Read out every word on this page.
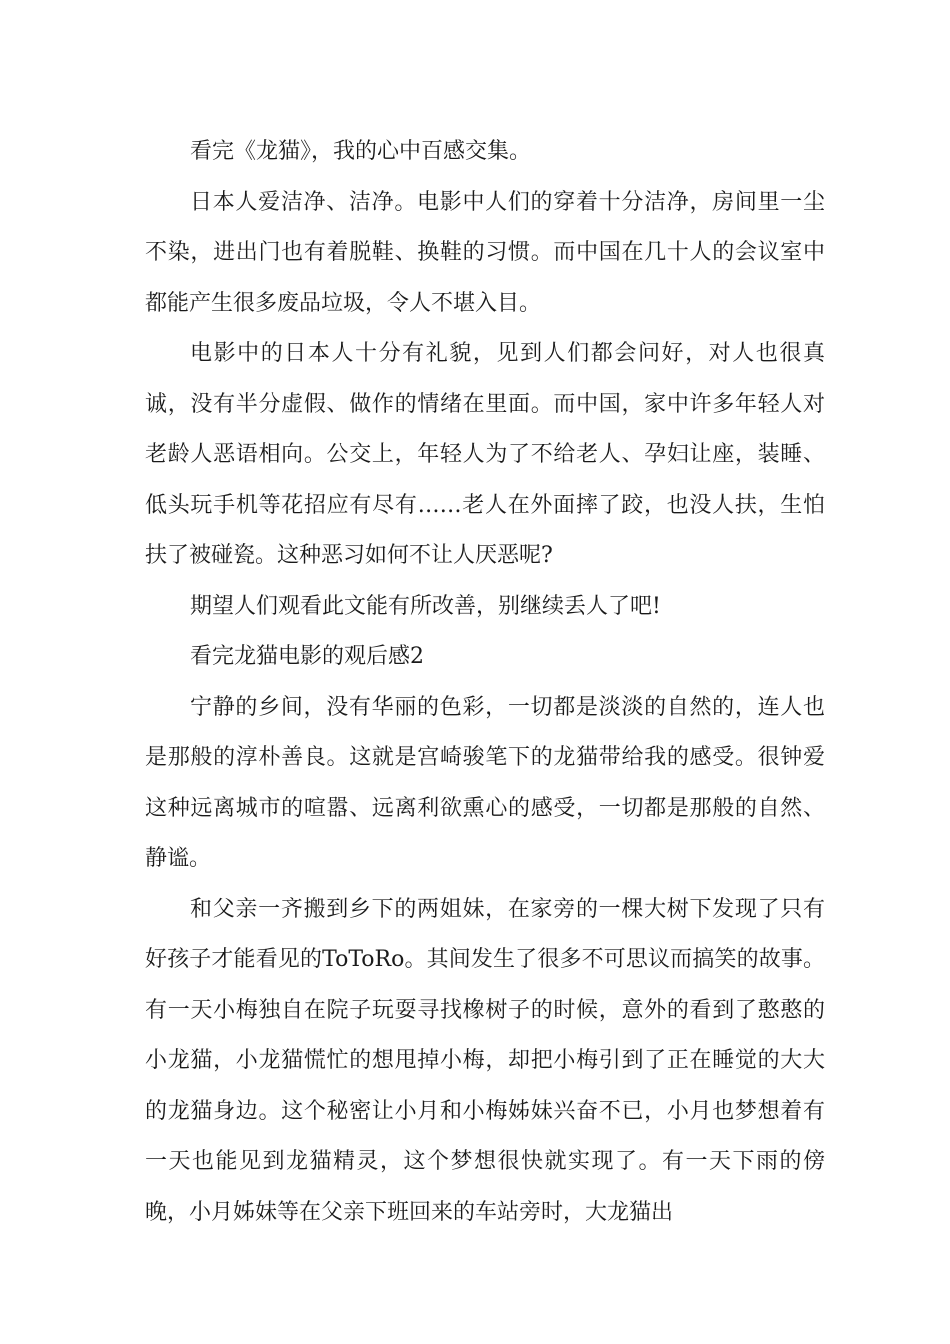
看完《龙猫》，我的心中百感交集。

日本人爱洁净、洁净。电影中人们的穿着十分洁净，房间里一尘不染，进出门也有着脱鞋、换鞋的习惯。而中国在几十人的会议室中都能产生很多废品垃圾，令人不堪入目。

电影中的日本人十分有礼貌，见到人们都会问好，对人也很真诚，没有半分虚假、做作的情绪在里面。而中国，家中许多年轻人对老龄人恶语相向。公交上，年轻人为了不给老人、孕妇让座，装睡、低头玩手机等花招应有尽有……老人在外面摔了跤，也没人扶，生怕扶了被碰瓷。这种恶习如何不让人厌恶呢?

期望人们观看此文能有所改善，别继续丢人了吧!

看完龙猫电影的观后感2

宁静的乡间，没有华丽的色彩，一切都是淡淡的自然的，连人也是那般的淳朴善良。这就是宫崎骏笔下的龙猫带给我的感受。很钟爱这种远离城市的喧嚣、远离利欲熏心的感受，一切都是那般的自然、静谧。

和父亲一齐搬到乡下的两姐妹，在家旁的一棵大树下发现了只有好孩子才能看见的ToToRo。其间发生了很多不可思议而搞笑的故事。有一天小梅独自在院子玩耍寻找橡树子的时候，意外的看到了憨憨的小龙猫，小龙猫慌忙的想甩掉小梅，却把小梅引到了正在睡觉的大大的龙猫身边。这个秘密让小月和小梅姊妹兴奋不已，小月也梦想着有一天也能见到龙猫精灵，这个梦想很快就实现了。有一天下雨的傍晚，小月姊妹等在父亲下班回来的车站旁时，大龙猫出
